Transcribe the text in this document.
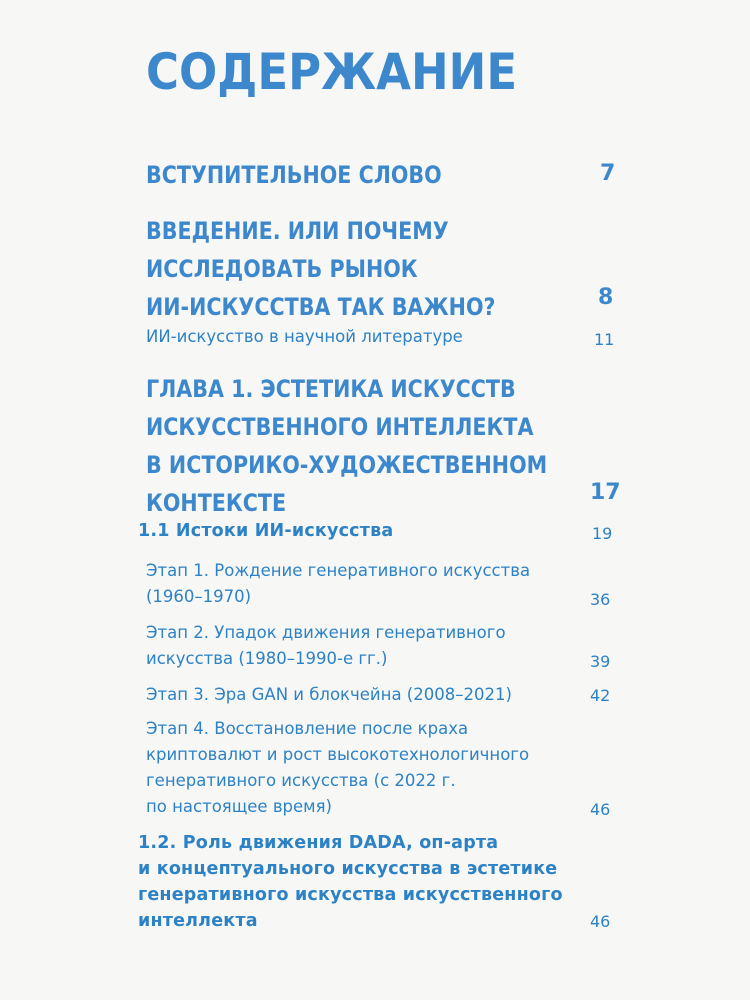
СОДЕРЖАНИЕ
ВСТУПИТЕЛЬНОЕ СЛОВО	7
ВВЕДЕНИЕ. ИЛИ ПОЧЕМУ
ИССЛЕДОВАТЬ РЫНОК
ИИ-ИСКУССТВА ТАК ВАЖНО?	8
ИИ-искусство в научной литературе	11
ГЛАВА 1. ЭСТЕТИКА ИСКУССТВ
ИСКУССТВЕННОГО ИНТЕЛЛЕКТА
В ИСТОРИКО-ХУДОЖЕСТВЕННОМ
КОНТЕКСТЕ	17
1.1 Истоки ИИ-искусства	19
Этап 1. Рождение генеративного искусства
(1960–1970)	36
Этап 2. Упадок движения генеративного
искусства (1980–1990-е гг.)	39
Этап 3. Эра GAN и блокчейна (2008–2021)	42
Этап 4. Восстановление после краха
криптовалют и рост высокотехнологичного
генеративного искусства (с 2022 г.
по настоящее время)	46
1.2. Роль движения DADA, оп-арта
и концептуального искусства в эстетике
генеративного искусства искусственного
интеллекта	46
